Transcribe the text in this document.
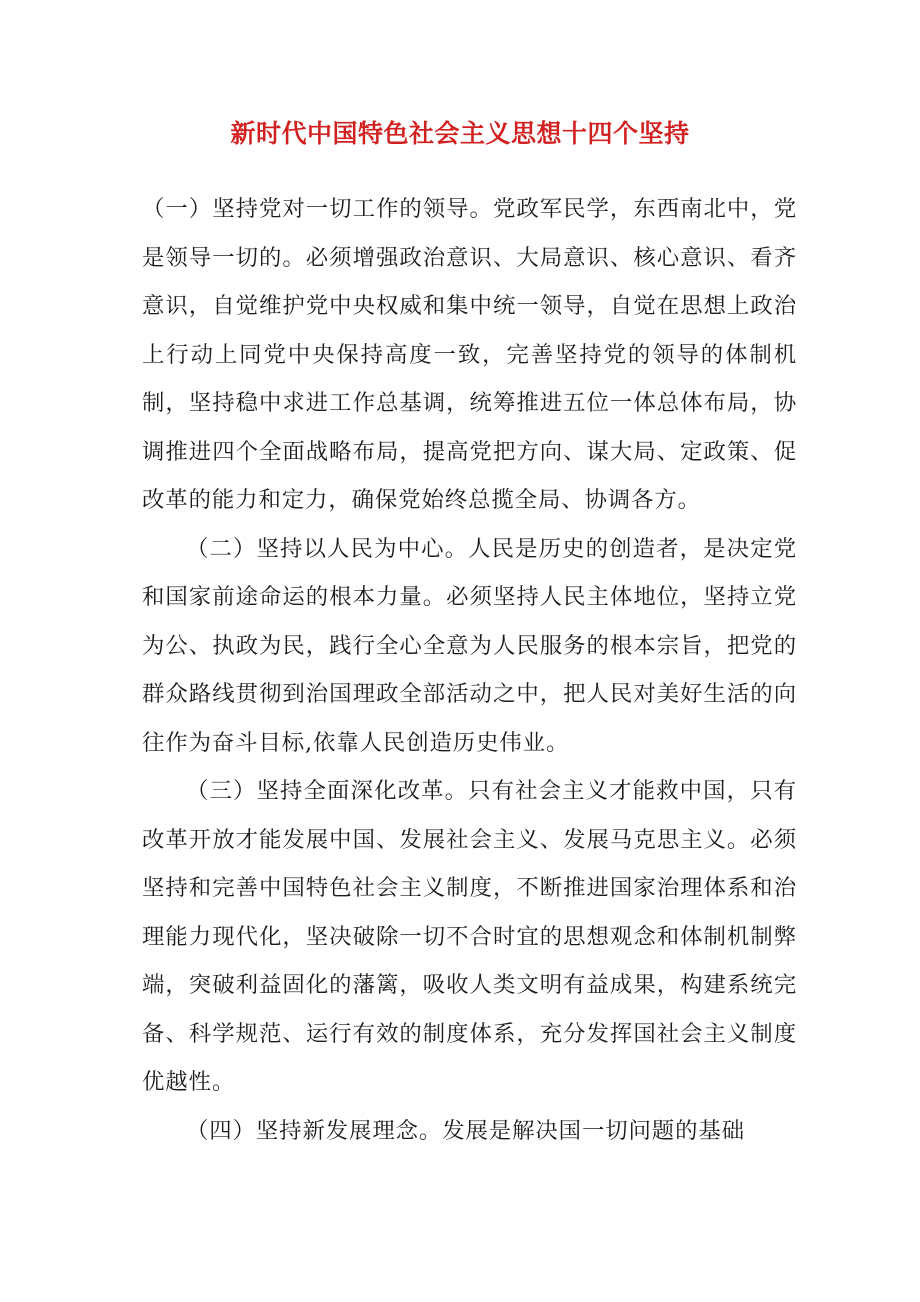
新时代中国特色社会主义思想十四个坚持

（一）坚持党对一切工作的领导。党政军民学，东西南北中，党是领导一切的。必须增强政治意识、大局意识、核心意识、看齐意识，自觉维护党中央权威和集中统一领导，自觉在思想上政治上行动上同党中央保持高度一致，完善坚持党的领导的体制机制，坚持稳中求进工作总基调，统筹推进五位一体总体布局，协调推进四个全面战略布局，提高党把方向、谋大局、定政策、促改革的能力和定力，确保党始终总揽全局、协调各方。

（二）坚持以人民为中心。人民是历史的创造者，是决定党和国家前途命运的根本力量。必须坚持人民主体地位，坚持立党为公、执政为民，践行全心全意为人民服务的根本宗旨，把党的群众路线贯彻到治国理政全部活动之中，把人民对美好生活的向往作为奋斗目标,依靠人民创造历史伟业。

（三）坚持全面深化改革。只有社会主义才能救中国，只有改革开放才能发展中国、发展社会主义、发展马克思主义。必须坚持和完善中国特色社会主义制度，不断推进国家治理体系和治理能力现代化，坚决破除一切不合时宜的思想观念和体制机制弊端，突破利益固化的藩篱，吸收人类文明有益成果，构建系统完备、科学规范、运行有效的制度体系，充分发挥国社会主义制度优越性。

（四）坚持新发展理念。发展是解决国一切问题的基础
